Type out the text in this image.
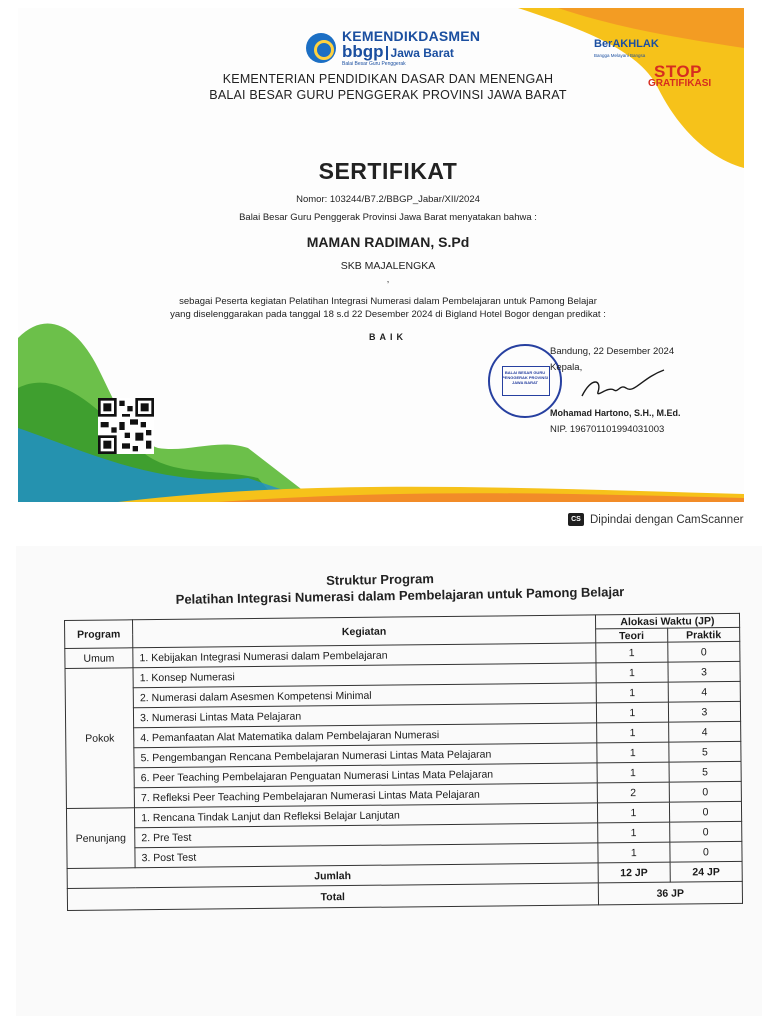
KEMENDIKDASMEN
bbgp Jawa Barat
Balai Besar Guru Penggerak
KEMENTERIAN PENDIDIKAN DASAR DAN MENENGAH
BALAI BESAR GURU PENGGERAK PROVINSI JAWA BARAT
BerAKHLAK
Bangga Melayani Bangsa
STOP
GRATIFIKASI
SERTIFIKAT
Nomor: 103244/B7.2/BBGP_Jabar/XII/2024
Balai Besar Guru Penggerak Provinsi Jawa Barat menyatakan bahwa :
MAMAN RADIMAN, S.Pd
SKB MAJALENGKA
,
sebagai Peserta kegiatan Pelatihan Integrasi Numerasi dalam Pembelajaran untuk Pamong Belajar
yang diselenggarakan pada tanggal 18 s.d 22 Desember 2024 di Bigland Hotel Bogor dengan predikat :
BAIK
BALAI BESAR GURU PENGGERAK PROVINSI JAWA BARAT
Bandung, 22 Desember 2024
Kepala,
Mohamad Hartono, S.H., M.Ed.
NIP. 196701101994031003
CS Dipindai dengan CamScanner
Struktur Program
Pelatihan Integrasi Numerasi dalam Pembelajaran untuk Pamong Belajar
Program	Kegiatan	Alokasi Waktu (JP)	
		Teori	Praktik
Umum	1. Kebijakan Integrasi Numerasi dalam Pembelajaran	1	0
Pokok	1. Konsep Numerasi	1	3
	2. Numerasi dalam Asesmen Kompetensi Minimal	1	4
	3. Numerasi Lintas Mata Pelajaran	1	3
	4. Pemanfaatan Alat Matematika dalam Pembelajaran Numerasi	1	4
	5. Pengembangan Rencana Pembelajaran Numerasi Lintas Mata Pelajaran	1	5
	6. Peer Teaching Pembelajaran Penguatan Numerasi Lintas Mata Pelajaran	1	5
	7. Refleksi Peer Teaching Pembelajaran Numerasi Lintas Mata Pelajaran	2	0
Penunjang	1. Rencana Tindak Lanjut dan Refleksi Belajar Lanjutan	1	0
	2. Pre Test	1	0
	3. Post Test	1	0
Jumlah		12 JP	24 JP
Total		36 JP	
